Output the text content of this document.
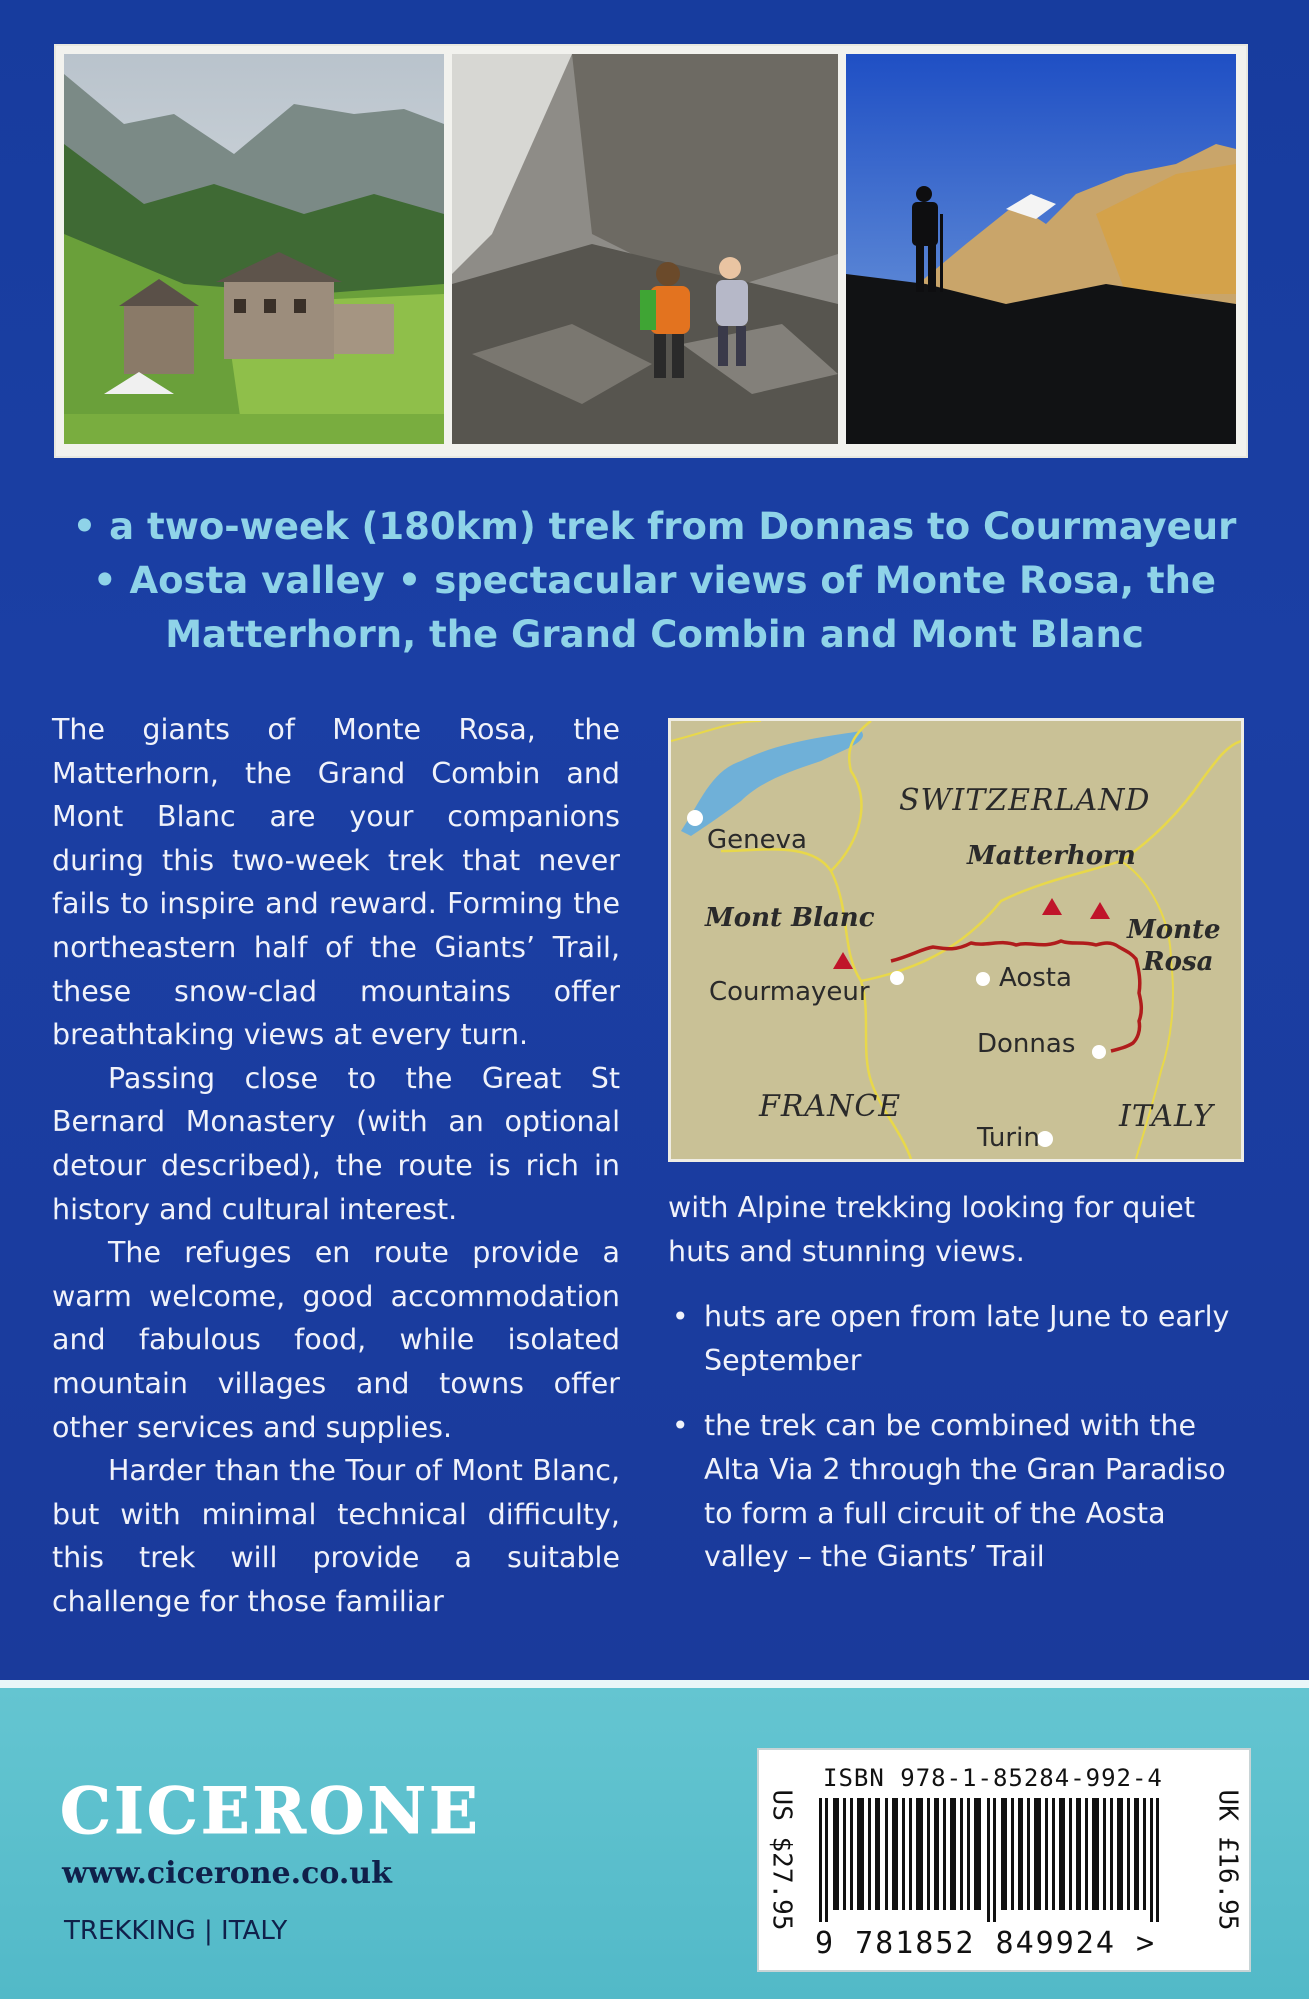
• a two-week (180km) trek from Donnas to Courmayeur
• Aosta valley • spectacular views of Monte Rosa, the
Matterhorn, the Grand Combin and Mont Blanc

The giants of Monte Rosa, the Matterhorn, the Grand Combin and Mont Blanc are your companions during this two-week trek that never fails to inspire and reward. Forming the northeastern half of the Giants’ Trail, these snow-clad mountains offer breathtaking views at every turn.

Passing close to the Great St Bernard Monastery (with an optional detour described), the route is rich in history and cultural interest.

The refuges en route provide a warm welcome, good accommodation and fabulous food, while isolated mountain villages and towns offer other services and supplies.

Harder than the Tour of Mont Blanc, but with minimal technical difficulty, this trek will provide a suitable challenge for those familiar

SWITZERLAND
FRANCE	ITALY
Matterhorn
Mont Blanc	Monte
Rosa
Geneva
Courmayeur	Aosta
Donnas
Turin

with Alpine trekking looking for quiet huts and stunning views.

• huts are open from late June to early September
• the trek can be combined with the Alta Via 2 through the Gran Paradiso to form a full circuit of the Aosta valley – the Giants’ Trail
CICERONE
www.cicerone.co.uk
TREKKING | ITALY
US $27.95
ISBN 978-1-85284-992-4
9 781852 849924 >
UK £16.95
